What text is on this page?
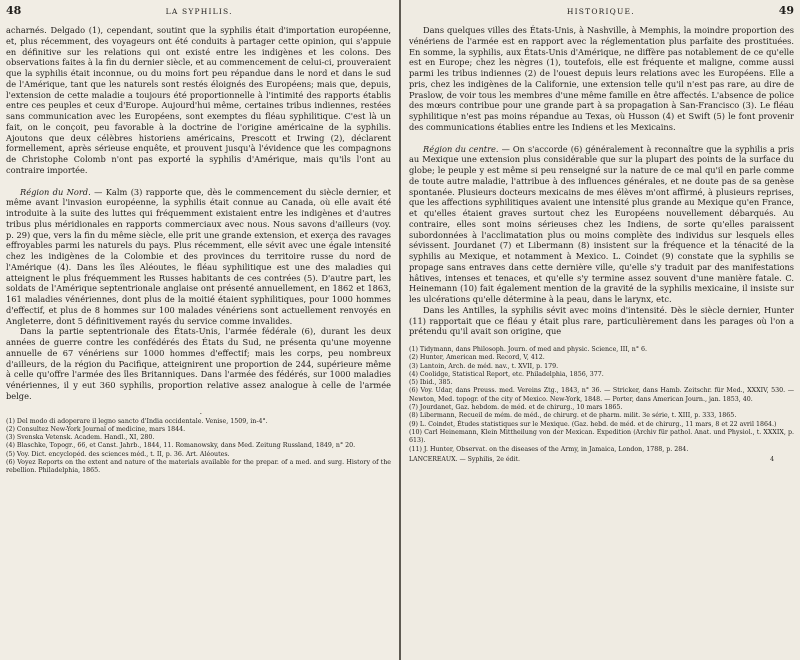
48	LA SYPHILIS.

acharnés. Delgado (1), cependant, soutint que la syphilis était d'importation européenne, et, plus récemment, des voyageurs ont été conduits à partager cette opinion, qui s'appuie en définitive sur les relations qui ont existé entre les indigènes et les colons. Des observations faites à la fin du dernier siècle, et au commencement de celui-ci, prouveraient que la syphilis était inconnue, ou du moins fort peu répandue dans le nord et dans le sud de l'Amérique, tant que les naturels sont restés éloignés des Européens; mais que, depuis, l'extension de cette maladie a toujours été proportionnelle à l'intimité des rapports établis entre ces peuples et ceux d'Europe. Aujourd'hui même, certaines tribus indiennes, restées sans communication avec les Européens, sont exemptes du fléau syphilitique. C'est là un fait, on le conçoit, peu favorable à la doctrine de l'origine américaine de la syphilis. Ajoutons que deux célèbres historiens américains, Prescott et Irwing (2), déclarent formellement, après sérieuse enquête, et prouvent jusqu'à l'évidence que les compagnons de Christophe Colomb n'ont pas exporté la syphilis d'Amérique, mais qu'ils l'ont au contraire importée.

Région du Nord. — Kalm (3) rapporte que, dès le commencement du siècle dernier, et même avant l'invasion européenne, la syphilis était connue au Canada, où elle avait été introduite à la suite des luttes qui fréquemment existaient entre les indigènes et d'autres tribus plus méridionales en rapports commerciaux avec nous. Nous savons d'ailleurs (voy. p. 29) que, vers la fin du même siècle, elle prit une grande extension, et exerça des ravages effroyables parmi les naturels du pays. Plus récemment, elle sévit avec une égale intensité chez les indigènes de la Colombie et des provinces du territoire russe du nord de l'Amérique (4). Dans les îles Aléoutes, le fléau syphilitique est une des maladies qui atteignent le plus fréquemment les Russes habitants de ces contrées (5). D'autre part, les soldats de l'Amérique septentrionale anglaise ont présenté annuellement, en 1862 et 1863, 161 maladies vénériennes, dont plus de la moitié étaient syphilitiques, pour 1000 hommes d'effectif, et plus de 8 hommes sur 100 malades vénériens sont actuellement renvoyés en Angleterre, dont 5 définitivement rayés du service comme invalides.

Dans la partie septentrionale des États-Unis, l'armée fédérale (6), durant les deux années de guerre contre les confédérés des États du Sud, ne présenta qu'une moyenne annuelle de 67 vénériens sur 1000 hommes d'effectif; mais les corps, peu nombreux d'ailleurs, de la région du Pacifique, atteignirent une proportion de 244, supérieure même à celle qu'offre l'armée des îles Britanniques. Dans l'armée des fédérés, sur 1000 maladies vénériennes, il y eut 360 syphilis, proportion relative assez analogue à celle de l'armée belge.

·

(1) Del modo di adoperare il legno sancto d'India occidentale. Venise, 1509, in-4°.

(2) Consultez New-York Journal of medicine, mars 1844.

(3) Svenska Vetensk. Academ. Handl., XI, 280.

(4) Blaschke, Topogr., 66, et Canst. Jahrb., 1844, 11. Romanowsky, dans Med. Zeitung Russland, 1849, n° 20.

(5) Voy. Dict. encyclopéd. des sciences méd., t. II, p. 36. Art. Aléoutes.

(6) Voyez Reports on the extent and nature of the materials available for the prepar. of a med. and surg. History of the rebellion. Philadelphia, 1865.

HISTORIQUE.	49

Dans quelques villes des États-Unis, à Nashville, à Memphis, la moindre proportion des vénériens de l'armée est en rapport avec la réglementation plus parfaite des prostituées. En somme, la syphilis, aux États-Unis d'Amérique, ne diffère pas notablement de ce qu'elle est en Europe; chez les nègres (1), toutefois, elle est fréquente et maligne, comme aussi parmi les tribus indiennes (2) de l'ouest depuis leurs relations avec les Européens. Elle a pris, chez les indigènes de la Californie, une extension telle qu'il n'est pas rare, au dire de Praslow, de voir tous les membres d'une même famille en être affectés. L'absence de police des mœurs contribue pour une grande part à sa propagation à San-Francisco (3). Le fléau syphilitique n'est pas moins répandue au Texas, où Husson (4) et Swift (5) le font provenir des communications établies entre les Indiens et les Mexicains.

Région du centre. — On s'accorde (6) généralement à reconnaître que la syphilis a pris au Mexique une extension plus considérable que sur la plupart des points de la surface du globe; le peuple y est même si peu renseigné sur la nature de ce mal qu'il en parle comme de toute autre maladie, l'attribue à des influences générales, et ne doute pas de sa genèse spontanée. Plusieurs docteurs mexicains de mes élèves m'ont affirmé, à plusieurs reprises, que les affections syphilitiques avaient une intensité plus grande au Mexique qu'en France, et qu'elles étaient graves surtout chez les Européens nouvellement débarqués. Au contraire, elles sont moins sérieuses chez les Indiens, de sorte qu'elles paraissent subordonnées à l'acclimatation plus ou moins complète des individus sur lesquels elles sévissent. Jourdanet (7) et Libermann (8) insistent sur la fréquence et la ténacité de la syphilis au Mexique, et notamment à Mexico. L. Coindet (9) constate que la syphilis se propage sans entraves dans cette dernière ville, qu'elle s'y traduit par des manifestations hâtives, intenses et tenaces, et qu'elle s'y termine assez souvent d'une manière fatale. C. Heinemann (10) fait également mention de la gravité de la syphilis mexicaine, il insiste sur les ulcérations qu'elle détermine à la peau, dans le larynx, etc.

Dans les Antilles, la syphilis sévit avec moins d'intensité. Dès le siècle dernier, Hunter (11) rapportait que ce fléau y était plus rare, particulièrement dans les parages où l'on a prétendu qu'il avait son origine, que

(1) Tidymann, dans Philosoph. Journ. of med and physic. Science, III, n° 6.

(2) Hunter, American med. Record, V, 412.

(3) Lantoin, Arch. de méd. nav., t. XVII, p. 179.

(4) Coolidge, Statistical Report, etc. Philadelphia, 1856, 377.

(5) Ibid., 385.

(6) Voy. Udar, dans Preuss. med. Vereins Ztg., 1843, n° 36. — Stricker, dans Hamb. Zeitschr. für Med., XXXIV, 530. — Newton, Med. topogr. of the city of Mexico. New-York, 1848. — Porter, dans American Journ., jan. 1853, 40.

(7) Jourdanet, Gaz. hebdom. de méd. et de chirurg., 10 mars 1865.

(8) Libermann, Recueil de mém. de méd., de chirurg. et de pharm. milit. 3e série, t. XIII, p. 333, 1865.

(9) L. Coindet, Études statistiques sur le Mexique. (Gaz. hebd. de méd. et de chirurg., 11 mars, 8 et 22 avril 1864.)

(10) Carl Heinemann, Klein Mittheilung von der Mexican. Expedition (Archiv für pathol. Anat. und Physiol., t. XXXIX, p. 613).

(11) J. Hunter, Observat. on the diseases of the Army, in Jamaica, London, 1788, p. 284.

LANCEREAUX. — Syphilis, 2e édit.	4
